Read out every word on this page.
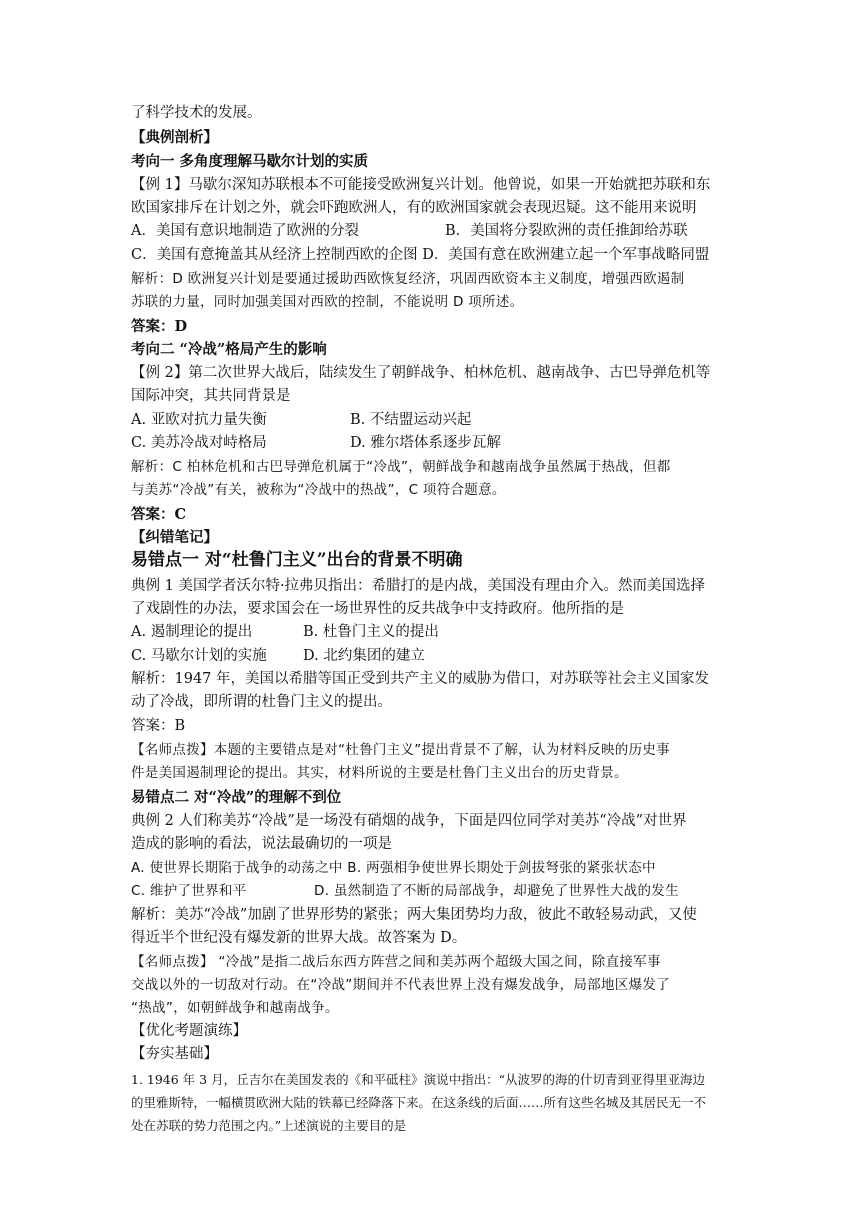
了科学技术的发展。
【典例剖析】
考向一 多角度理解马歇尔计划的实质
【例 1】马歇尔深知苏联根本不可能接受欧洲复兴计划。他曾说，如果一开始就把苏联和东
欧国家排斥在计划之外，就会吓跑欧洲人，有的欧洲国家就会表现迟疑。这不能用来说明
A．美国有意识地制造了欧洲的分裂	B．美国将分裂欧洲的责任推卸给苏联
C．美国有意掩盖其从经济上控制西欧的企图 D．美国有意在欧洲建立起一个军事战略同盟
解析：D 欧洲复兴计划是要通过援助西欧恢复经济，巩固西欧资本主义制度，增强西欧遏制
苏联的力量，同时加强美国对西欧的控制，不能说明 D 项所述。
答案：D
考向二 “冷战”格局产生的影响
【例 2】第二次世界大战后，陆续发生了朝鲜战争、柏林危机、越南战争、古巴导弹危机等
国际冲突，其共同背景是
A. 亚欧对抗力量失衡	B. 不结盟运动兴起
C. 美苏冷战对峙格局	D. 雅尔塔体系逐步瓦解
解析：C 柏林危机和古巴导弹危机属于“冷战”，朝鲜战争和越南战争虽然属于热战，但都
与美苏“冷战”有关，被称为“冷战中的热战”，C 项符合题意。
答案：C
【纠错笔记】
易错点一 对“杜鲁门主义”出台的背景不明确
典例 1 美国学者沃尔特·拉弗贝指出：希腊打的是内战，美国没有理由介入。然而美国选择
了戏剧性的办法，要求国会在一场世界性的反共战争中支持政府。他所指的是
A. 遏制理论的提出	B. 杜鲁门主义的提出
C. 马歇尔计划的实施 D. 北约集团的建立
解析：1947 年，美国以希腊等国正受到共产主义的威胁为借口，对苏联等社会主义国家发
动了冷战，即所谓的杜鲁门主义的提出。
答案：B
【名师点拨】本题的主要错点是对“杜鲁门主义”提出背景不了解，认为材料反映的历史事
件是美国遏制理论的提出。其实，材料所说的主要是杜鲁门主义出台的历史背景。
易错点二 对“冷战”的理解不到位
典例 2 人们称美苏“冷战”是一场没有硝烟的战争，下面是四位同学对美苏“冷战”对世界
造成的影响的看法，说法最确切的一项是
A. 使世界长期陷于战争的动荡之中 B. 两强相争使世界长期处于剑拔弩张的紧张状态中
C. 维护了世界和平	D. 虽然制造了不断的局部战争，却避免了世界性大战的发生
解析：美苏“冷战”加剧了世界形势的紧张；两大集团势均力敌，彼此不敢轻易动武，又使
得近半个世纪没有爆发新的世界大战。故答案为 D。
【名师点拨】 “冷战”是指二战后东西方阵营之间和美苏两个超级大国之间，除直接军事
交战以外的一切敌对行动。在“冷战”期间并不代表世界上没有爆发战争，局部地区爆发了
“热战”，如朝鲜战争和越南战争。
【优化考题演练】
【夯实基础】
1. 1946 年 3 月，丘吉尔在美国发表的《和平砥柱》演说中指出：“从波罗的海的什切青到亚得里亚海边
的里雅斯特，一幅横贯欧洲大陆的铁幕已经降落下来。在这条线的后面……所有这些名城及其居民无一不
处在苏联的势力范围之内。”上述演说的主要目的是
